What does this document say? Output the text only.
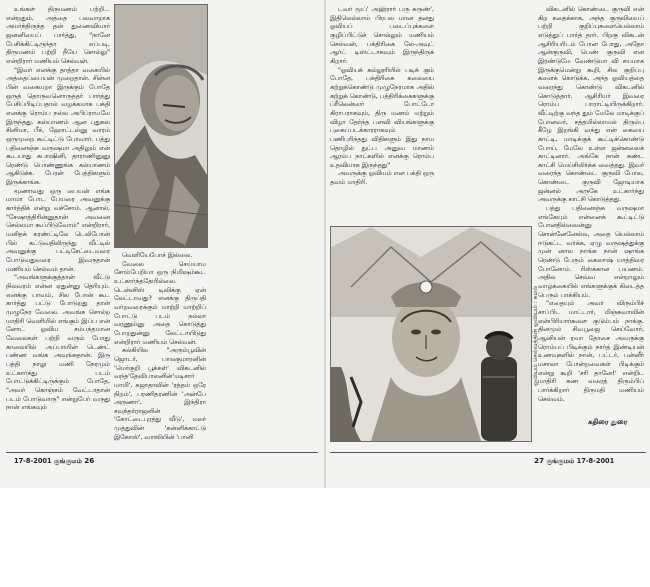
உங்கள் திருமணம் பற்றி... என்றதும், அத்தை பலவாறாக அமர்ந்திருந்த தன் துணைவியார் ஜனனியைப் பார்த்து, "நானே பேசிக்கிட்டிருந்தா எப்படி, திருமணம் பற்றி நீயே சொல்லு" என்றிரார் மணியம் செல்வன்.

"இவர் எனக்கு தாத்தா வகையில் அத்தைப்பையன் முறைதான். சின்ன பின் வகையறா இருக்கும் போதே ஒருத் தொருவனொருத்தர் பார்த்து பேசிப்பிடிப்பதால் வழக்கமாக பக்தி எனக்கு ரொம்ப நல்ல அபிப்ராயமே இருந்தது. கல்யாணம் ஆன புதுசுல சினிமா, பீச், ஹோட்டல்னு வாரம் ஒருமுறை கூட்டிட்டு போவார். பத்து பதினைஞ்சு வருஷமா அதிலும் என் கூடயாது சுபாஷினி, தாராணினுனு ரெண்டு பொண்ணுங்க கல்யாணம் ஆகிடுச்சு. பேரன் பேத்திகளும் இருக்காங்க.

மூணாவது ஒரு பையன் எங்க மாமா போட பேயரை அவனுக்கு கார்த்திக் என்று வச்சோம். ஆனால், "சேஷாத்திரின்னுதான் அவனை செல்லமா கூப்பிடுவோம்" என்றிரார், மனிதக் கரண்ட்டிலே டெலிபோன் பில் கட்டுவதிலிருந்து வீட்டில் அவனுக்கு பட்டிசேட்டைவரை போடுவதுவரை இவருதான் மணியம் செல்வம் தான்.

"அவங்களுக்குத்தான் வீட்டு நிலவரம் என்ன ஏதுன்னு தெரியும். எனக்கு பாவம், சில போன் கூட கார்த்து பட்டு போடுறது தான் முழுநேர வேலை. அவங்க சொல்ற மாதிரி வெளியில் எங்கும் இப்ப என் னோட் ஓவிய சம்பந்தமான வேலைகள் பற்றி வரும் போது காலையில் அப்பாயின் டெண்ட் பண்ண வங்க அவுங்கதான். இரு பத்தி நாலு மணி நேரமும் உட்கார்ந்து படம் போட்டுக்கிட்டிருக்கும் போதே, "அவர் கொஞ்சம் வேட்டாதான் படம் போடுவாரு" என்றுபேர் வருது நான் எங்கவும்

வெளியேபோச் இல்லை.

வேலை செய்யாம சோம்பேறியா ஒரு நிமிஷம்கூட உட்கார்ந்ததேயில்லை. டென்னிஸ் டிவிக்கு ஏன் லேட்டாவது? எனக்கு திருப்தி வர்றவரைக்கும் மாற்றி மாற்றிப் போட்டு படம் நல்லா வரணும்னு அதை கொடுத்து போறதுன்னு லேட்டாயிடுது என்றிரார் மணியம் செல்வன்.

கல்கியில "அரும்பூவின் ஜொடர், பாலகுமாரனின் 'மெர்குறி பூக்கள்' விகடனில் வந்த'தேவிபாலனின்'மடிசார் மாமி', சுஜாதாவின் 'ரத்தம் ஒரே நிறம்', பரணிதரணின் 'அன்பே அருணா', இந்திரா சவுந்தர்ராஜனின் 'கோட்டைபுரத்து வீடு', மலர் முத்துவின் 'கன்னிக்காட்டு இகோஸ்', வாஸியின் 'பானி

17-8-2001 குங்குமம் 26

டவர் மூப்' அஹ்ரார் பரு சுருண்', இதிலெல்லாம் பிரபல மான தனது ஓவியப் படைப்புக்களை குழிப்பிட்டுச் சொல்லும் மணியம் செல்வன், பக்திரிகை லே-அவுட் ஆர்ட் டிஸ்ட்டாகவும் இருந்திருக் கிறார்.

"ஓவியக் கல்லூரியில் படிக் கும் போதே, பக்திரிகை கலையை கற்றுக்கொண்டு முழுநேரமாக அதில் கற்றுக் கொண்டு, பத்திரிக்கைகளுக்கு ப்ரீலென்ஸர் போட்டோ கிராபராகவும், திரு மணம் மற்றும் விழா தேர்ந்த பளவி வியங்களுக்கு புகைப்படக்காரராகவும் பணிபுரிந்தது விதிகளும் இது நாம தொழில் நுட்ப அனுவ மாணம் ஆரம்ப நாட்களில் எனக்கு ரொம்ப உதவியாக இருந்தது"

அவருக்கு ஓவியம் என பக்தி ஒரு தவம் மாதிரி.

விகடனில் கொண்டை குருவி என் கிற கதைக்காக, அந்த குருவியைப் பற்றி குறிப்புகளையெல்லாம் எடுத்துப் பார்த் தார். பிறகு விகடன் ஆசிரியரிடம் போன போது, அதோ ஆன்குருவி, பெண் குருவி என இரண்டுமே வேண்டுமா வி சயமாக இருக்குமென்று கூறி, சில குறிப்பு களைக் கொடுக்க, அந்த ஓவியத்தை வரைந்து கொண்டு விகடனில் கொடுத்தார். ஆசிரியர் இவரை ரொம்ப பாராட்டியிருக்கிறார். வீட்டிற்கு வந்த தும் மேலே மாடிக்குப் போனவர், சத்தமில்லாமல் திரும்ப கீழே இறங்கி வந்து என் கையை காட்டி, மாடிக்குக் கூட்டிக்கொண்டு போய், மேலே உள்ள ஜன்னலைக் காட்டினார். அங்கே நான் கண்ட காட்சி மெய்சிலிர்க்க வைத்தது. இவர் வரைந்த கொண்டை குருவி போல, கொண்டை குருவி ஜோடியாக ஜன்னல் அருகே உட்கார்ந்து அவருக்கு காட்சி கொடுத்தது.

பத்து பதினைஞ்சு வருஷமா எங்கேயும் என்னைக் கூட்டிட்டு போனதில்லைன்னு சொன்னேனேல்ல, அதை யெல்லாம் ஈடுகட்ட வர்க்க, ஏழு வருஷத்துக்கு முன் னால நாங்க நான் ஷாங்க ரெண்டு பேரும் கைலாஷ் யாத்திரை போனோம். ரிஸ்க்கான பயணம். அதில செவ்வ என்றாலும் வாழ்க்கையில் எங்களுக்குக் கிடைத்த பெரும் பாக்கியம்.

"எதையும் அவர் விரும்பிச் சாப்பிட மாட்டார், மிஞ்சுவாவின் என்பிரியார்களை குடும்பம் நாக்கு. தினமும் சிவபூஜை செய்வோர், ஆனியன் ரவா தோசை அவருக்கு ரொம்பப் பிடிக்கும் நார்த் இண்டியன் உணவுகளில் நான், பட்டர், பன்னீர் மசாலா போன்றவைகள் பிடிக்கும் என்று கூறி 'சரி தானே!' என்றிட மாதிரி கண வரைத் திரும்பிப் பார்க்கிறார் திருமதி மணியம் செல்வம்.

ஓவியம் செல்வத்தின் ஓவியம் : கமல்
கதிரை துரை
27 குங்குமம் 17-8-2001
